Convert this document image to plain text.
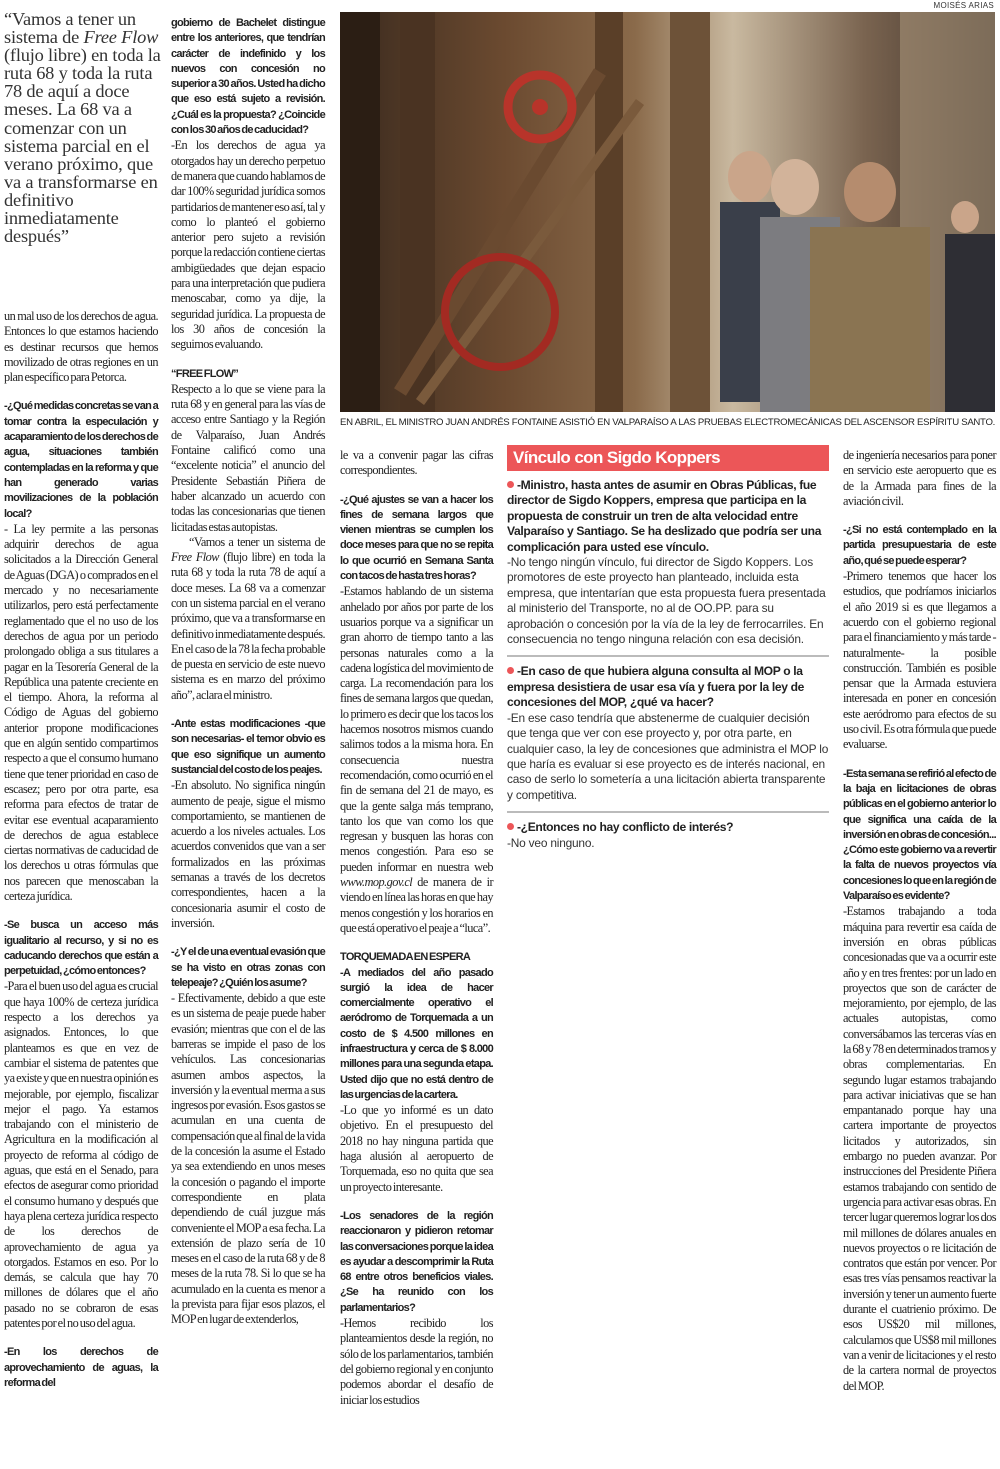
“Vamos a tener un sistema de Free Flow (flujo libre) en toda la ruta 68 y toda la ruta 78 de aquí a doce meses. La 68 va a comenzar con un sistema parcial en el verano próximo, que va a transformarse en definitivo inmediatamente después”
un mal uso de los derechos de agua. Entonces lo que estamos haciendo es destinar recursos que hemos movilizado de otras regiones en un plan específico para Petorca.
-¿Qué medidas concretas se van a tomar contra la especulación y acaparamiento de los derechos de agua, situaciones también contempladas en la reforma y que han generado varias movilizaciones de la población local?
- La ley permite a las personas adquirir derechos de agua solicitados a la Dirección General de Aguas (DGA) o comprados en el mercado y no necesariamente utilizarlos, pero está perfectamente reglamentado que el no uso de los derechos de agua por un periodo prolongado obliga a sus titulares a pagar en la Tesorería General de la República una patente creciente en el tiempo. Ahora, la reforma al Código de Aguas del gobierno anterior propone modificaciones que en algún sentido compartimos respecto a que el consumo humano tiene que tener prioridad en caso de escasez; pero por otra parte, esa reforma para efectos de tratar de evitar ese eventual acaparamiento de derechos de agua establece ciertas normativas de caducidad de los derechos u otras fórmulas que nos parecen que menoscaban la certeza jurídica.
-Se busca un acceso más igualitario al recurso, y si no es caducando derechos que están a perpetuidad, ¿cómo entonces?
-Para el buen uso del agua es crucial que haya 100% de certeza jurídica respecto a los derechos ya asignados. Entonces, lo que planteamos es que en vez de cambiar el sistema de patentes que ya existe y que en nuestra opinión es mejorable, por ejemplo, fiscalizar mejor el pago. Ya estamos trabajando con el ministerio de Agricultura en la modificación al proyecto de reforma al código de aguas, que está en el Senado, para efectos de asegurar como prioridad el consumo humano y después que haya plena certeza jurídica respecto de los derechos de aprovechamiento de agua ya otorgados. Estamos en eso. Por lo demás, se calcula que hay 70 millones de dólares que el año pasado no se cobraron de esas patentes por el no uso del agua.
-En los derechos de aprovechamiento de aguas, la reforma del
gobierno de Bachelet distingue entre los anteriores, que tendrían carácter de indefinido y los nuevos con concesión no superior a 30 años. Usted ha dicho que eso está sujeto a revisión. ¿Cuál es la propuesta? ¿Coincide con los 30 años de caducidad?
-En los derechos de agua ya otorgados hay un derecho perpetuo de manera que cuando hablamos de dar 100% seguridad jurídica somos partidarios de mantener eso así, tal y como lo planteó el gobierno anterior pero sujeto a revisión porque la redacción contiene ciertas ambigüedades que dejan espacio para una interpretación que pudiera menoscabar, como ya dije, la seguridad jurídica. La propuesta de los 30 años de concesión la seguimos evaluando.
“FREE FLOW”
Respecto a lo que se viene para la ruta 68 y en general para las vías de acceso entre Santiago y la Región de Valparaíso, Juan Andrés Fontaine calificó como una “excelente noticia” el anuncio del Presidente Sebastián Piñera de haber alcanzado un acuerdo con todas las concesionarias que tienen licitadas estas autopistas.
“Vamos a tener un sistema de Free Flow (flujo libre) en toda la ruta 68 y toda la ruta 78 de aquí a doce meses. La 68 va a comenzar con un sistema parcial en el verano próximo, que va a transformarse en definitivo inmediatamente después. En el caso de la 78 la fecha probable de puesta en servicio de este nuevo sistema es en marzo del próximo año”, aclara el ministro.
-Ante estas modificaciones -que son necesarias- el temor obvio es que eso signifique un aumento sustancial del costo de los peajes.
-En absoluto. No significa ningún aumento de peaje, sigue el mismo comportamiento, se mantienen de acuerdo a los niveles actuales. Los acuerdos convenidos que van a ser formalizados en las próximas semanas a través de los decretos correspondientes, hacen a la concesionaria asumir el costo de inversión.
-¿Y el de una eventual evasión que se ha visto en otras zonas con telepeaje? ¿Quién los asume?
- Efectivamente, debido a que este es un sistema de peaje puede haber evasión; mientras que con el de las barreras se impide el paso de los vehículos. Las concesionarias asumen ambos aspectos, la inversión y la eventual merma a sus ingresos por evasión. Esos gastos se acumulan en una cuenta de compensación que al final de la vida de la concesión la asume el Estado ya sea extendiendo en unos meses la concesión o pagando el importe correspondiente en plata dependiendo de cuál juzgue más conveniente el MOP a esa fecha. La extensión de plazo sería de 10 meses en el caso de la ruta 68 y de 8 meses de la ruta 78. Si lo que se ha acumulado en la cuenta es menor a la prevista para fijar esos plazos, el MOP en lugar de extenderlos,
le va a convenir pagar las cifras correspondientes.
-¿Qué ajustes se van a hacer los fines de semana largos que vienen mientras se cumplen los doce meses para que no se repita lo que ocurrió en Semana Santa con tacos de hasta tres horas?
-Estamos hablando de un sistema anhelado por años por parte de los usuarios porque va a significar un gran ahorro de tiempo tanto a las personas naturales como a la cadena logística del movimiento de carga. La recomendación para los fines de semana largos que quedan, lo primero es decir que los tacos los hacemos nosotros mismos cuando salimos todos a la misma hora. En consecuencia nuestra recomendación, como ocurrió en el fin de semana del 21 de mayo, es que la gente salga más temprano, tanto los que van como los que regresan y busquen las horas con menos congestión. Para eso se pueden informar en nuestra web www.mop.gov.cl de manera de ir viendo en línea las horas en que hay menos congestión y los horarios en que está operativo el peaje a “luca”.
TORQUEMADA EN ESPERA
-A mediados del año pasado surgió la idea de hacer comercialmente operativo el aeródromo de Torquemada a un costo de $ 4.500 millones en infraestructura y cerca de $ 8.000 millones para una segunda etapa. Usted dijo que no está dentro de las urgencias de la cartera.
-Lo que yo informé es un dato objetivo. En el presupuesto del 2018 no hay ninguna partida que haga alusión al aeropuerto de Torquemada, eso no quita que sea un proyecto interesante.
-Los senadores de la región reaccionaron y pidieron retomar las conversaciones porque la idea es ayudar a descomprimir la Ruta 68 entre otros beneficios viales. ¿Se ha reunido con los parlamentarios?
-Hemos recibido los planteamientos desde la región, no sólo de los parlamentarios, también del gobierno regional y en conjunto podemos abordar el desafío de iniciar los estudios
de ingeniería necesarios para poner en servicio este aeropuerto que es de la Armada para fines de la aviación civil.
-¿Si no está contemplado en la partida presupuestaria de este año, qué se puede esperar?
-Primero tenemos que hacer los estudios, que podríamos iniciarlos el año 2019 si es que llegamos a acuerdo con el gobierno regional para el financiamiento y más tarde -naturalmente- la posible construcción. También es posible pensar que la Armada estuviera interesada en poner en concesión este aeródromo para efectos de su uso civil. Es otra fórmula que puede evaluarse.
-Esta semana se refirió al efecto de la baja en licitaciones de obras públicas en el gobierno anterior lo que significa una caída de la inversión en obras de concesión... ¿Cómo este gobierno va a revertir la falta de nuevos proyectos vía concesiones lo que en la región de Valparaíso es evidente?
-Estamos trabajando a toda máquina para revertir esa caída de inversión en obras públicas concesionadas que va a ocurrir este año y en tres frentes: por un lado en proyectos que son de carácter de mejoramiento, por ejemplo, de las actuales autopistas, como conversábamos las terceras vías en la 68 y 78 en determinados tramos y obras complementarias. En segundo lugar estamos trabajando para activar iniciativas que se han empantanado porque hay una cartera importante de proyectos licitados y autorizados, sin embargo no pueden avanzar. Por instrucciones del Presidente Piñera estamos trabajando con sentido de urgencia para activar esas obras. En tercer lugar queremos lograr los dos mil millones de dólares anuales en nuevos proyectos o re licitación de contratos que están por vencer. Por esas tres vías pensamos reactivar la inversión y tener un aumento fuerte durante el cuatrienio próximo. De esos US$20 mil millones, calculamos que US$8 mil millones van a venir de licitaciones y el resto de la cartera normal de proyectos del MOP.
MOISÉS ARIAS
EN ABRIL, EL MINISTRO JUAN ANDRÉS FONTAINE ASISTIÓ EN VALPARAÍSO A LAS PRUEBAS ELECTROMECÁNICAS DEL ASCENSOR ESPÍRITU SANTO.
Vínculo con Sigdo Koppers
-Ministro, hasta antes de asumir en Obras Públicas, fue director de Sigdo Koppers, empresa que participa en la propuesta de construir un tren de alta velocidad entre Valparaíso y Santiago. Se ha deslizado que podría ser una complicación para usted ese vínculo.
-No tengo ningún vínculo, fui director de Sigdo Koppers. Los promotores de este proyecto han planteado, incluida esta empresa, que intentarían que esta propuesta fuera presentada al ministerio del Transporte, no al de OO.PP. para su aprobación o concesión por la vía de la ley de ferrocarriles. En consecuencia no tengo ninguna relación con esa decisión.
-En caso de que hubiera alguna consulta al MOP o la empresa desistiera de usar esa vía y fuera por la ley de concesiones del MOP, ¿qué va hacer?
-En ese caso tendría que abstenerme de cualquier decisión que tenga que ver con ese proyecto y, por otra parte, en cualquier caso, la ley de concesiones que administra el MOP lo que haría es evaluar si ese proyecto es de interés nacional, en caso de serlo lo sometería a una licitación abierta transparente y competitiva.
-¿Entonces no hay conflicto de interés?
-No veo ninguno.
